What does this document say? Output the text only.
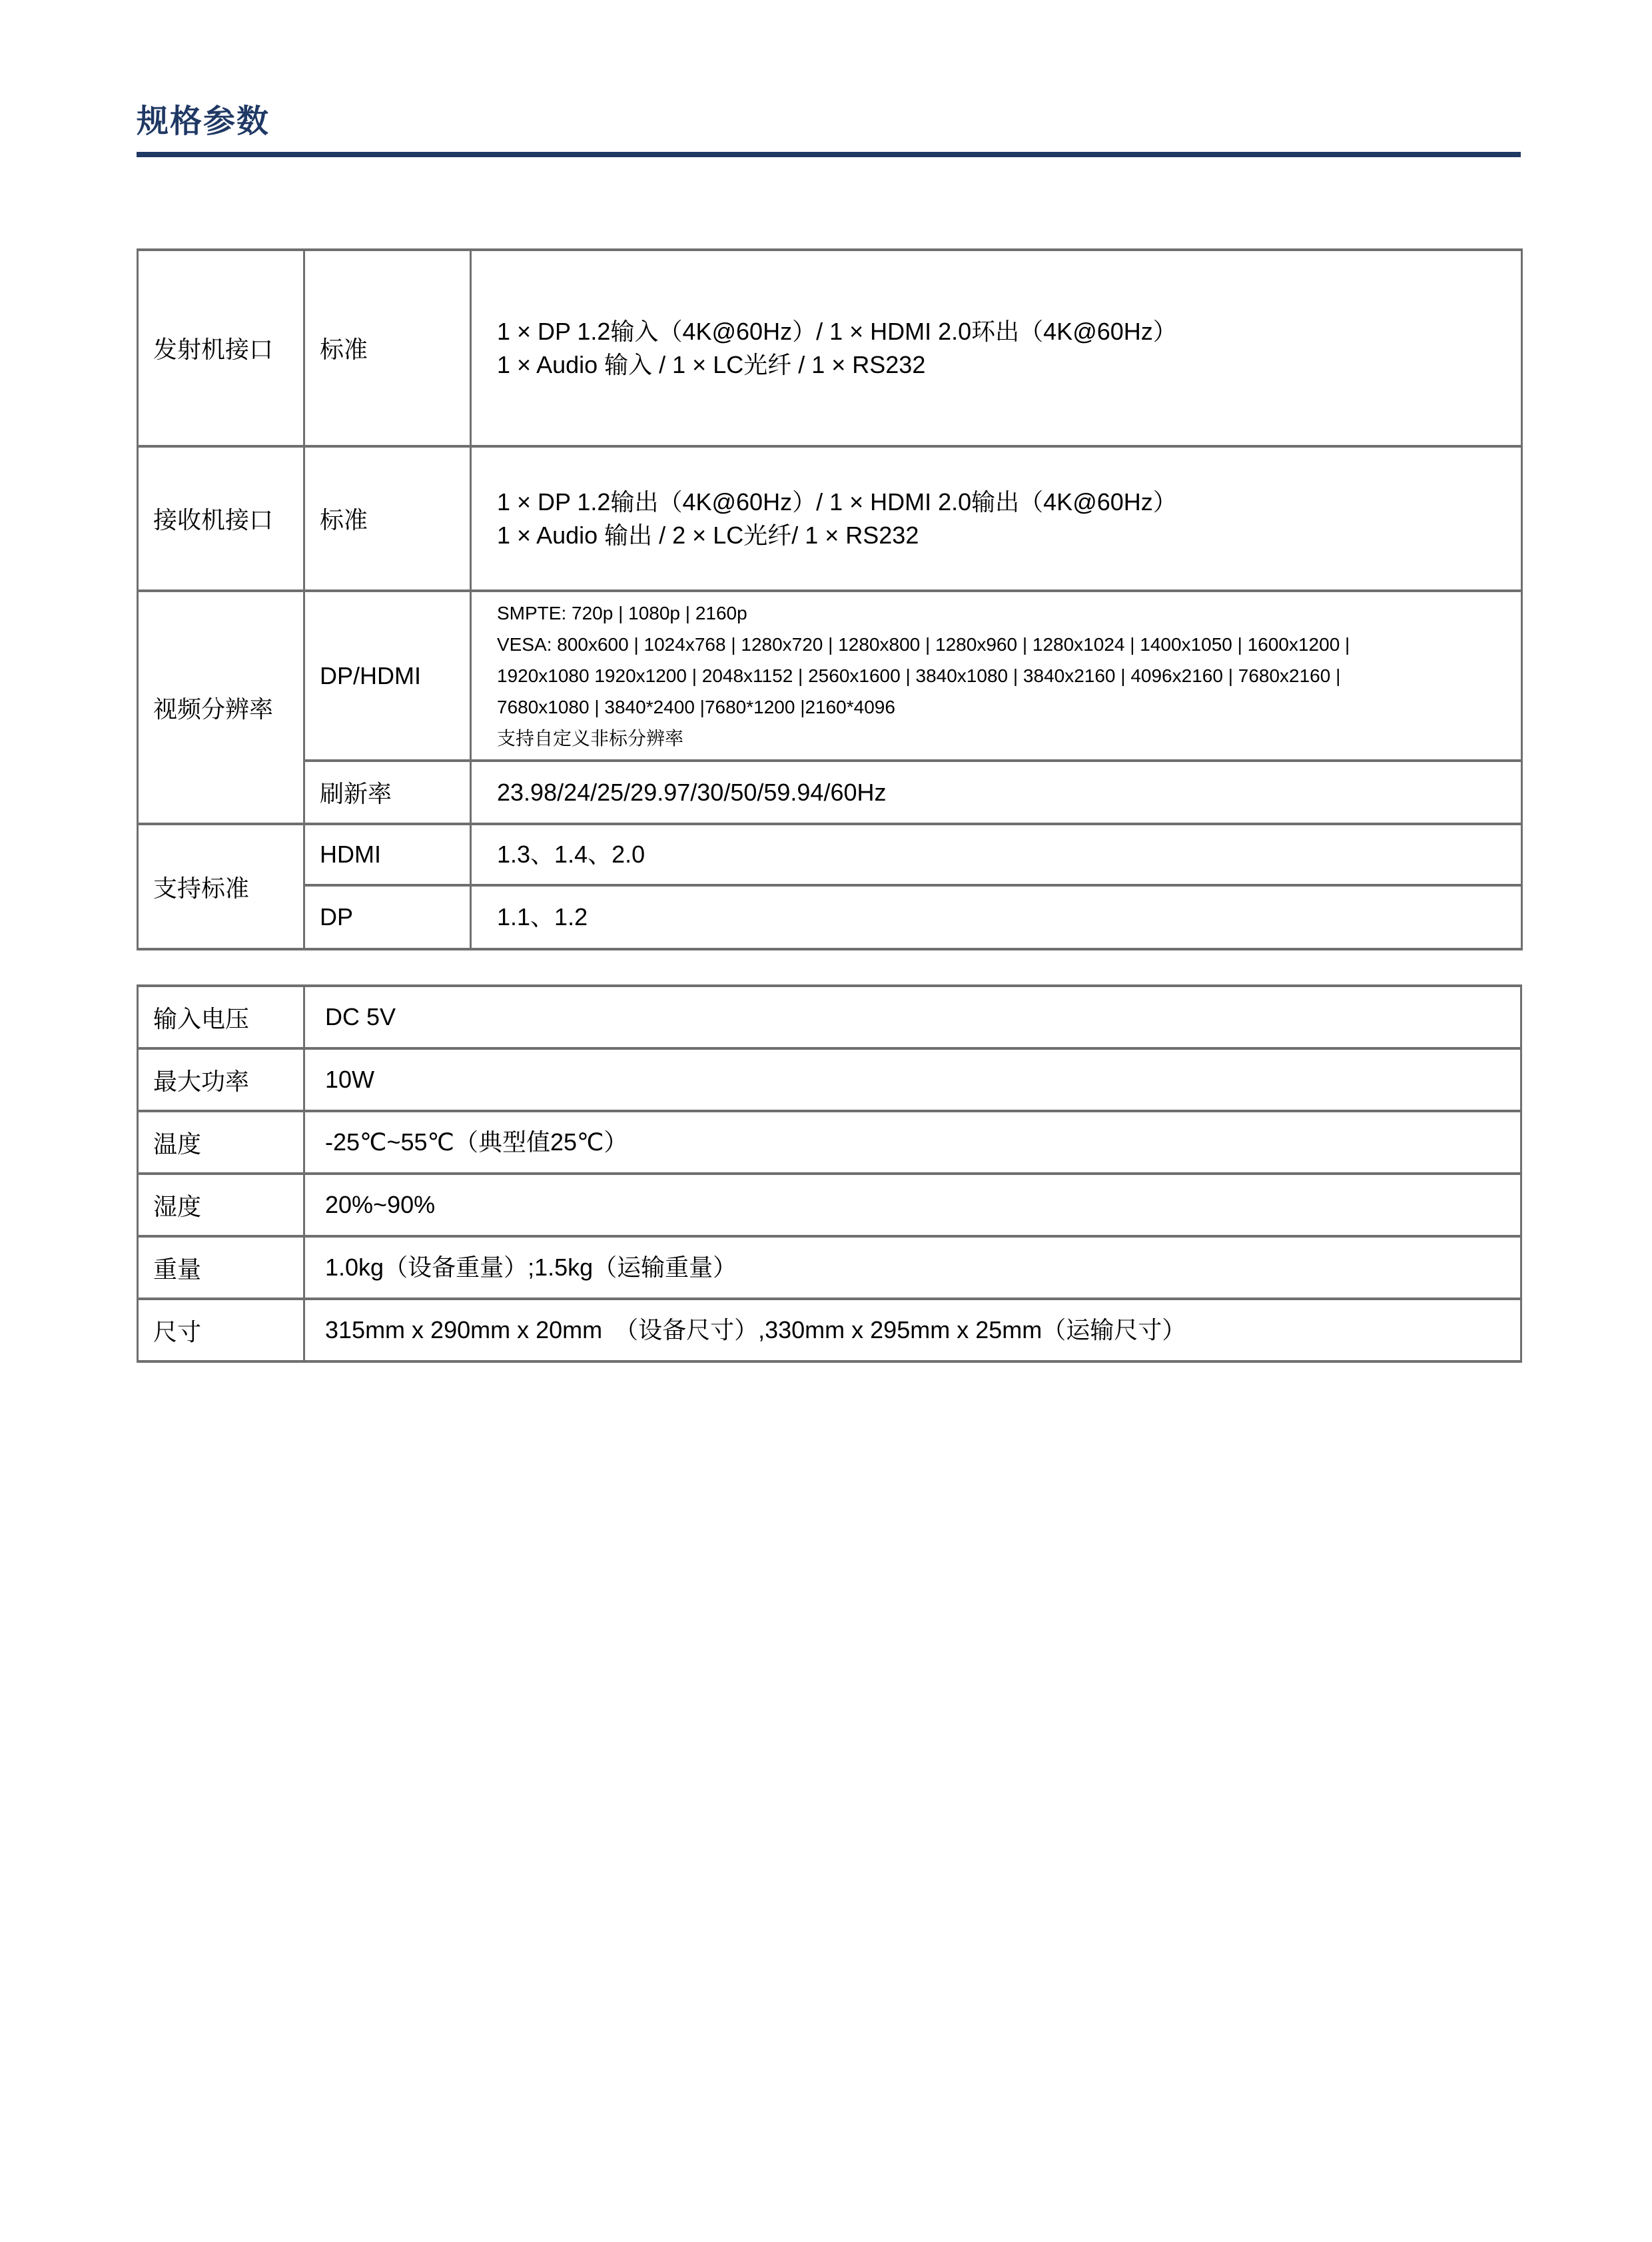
规格参数
发射机接口	标准	1 × DP 1.2输入（4K@60Hz）/ 1 × HDMI 2.0环出（4K@60Hz）
1 × Audio 输入 / 1 × LC光纤 / 1 × RS232

接收机接口	标准	1 × DP 1.2输出（4K@60Hz）/ 1 × HDMI 2.0输出（4K@60Hz）
1 × Audio 输出 / 2 × LC光纤/ 1 × RS232

视频分辨率	DP/HDMI	SMPTE: 720p | 1080p | 2160p
VESA: 800x600 | 1024x768 | 1280x720 | 1280x800 | 1280x960 | 1280x1024 | 1400x1050 | 1600x1200 |
1920x1080 1920x1200 | 2048x1152 | 2560x1600 | 3840x1080 | 3840x2160 | 4096x2160 | 7680x2160 |
7680x1080 | 3840*2400 |7680*1200 |2160*4096
支持自定义非标分辨率

	刷新率	23.98/24/25/29.97/30/50/59.94/60Hz
支持标准	HDMI	1.3、1.4、2.0
	DP	1.1、1.2
输入电压	DC 5V
最大功率	10W
温度	-25℃~55℃（典型值25℃）
湿度	20%~90%
重量	1.0kg（设备重量）;1.5kg（运输重量）
尺寸	315mm x 290mm x 20mm　（设备尺寸）,330mm x 295mm x 25mm（运输尺寸）
